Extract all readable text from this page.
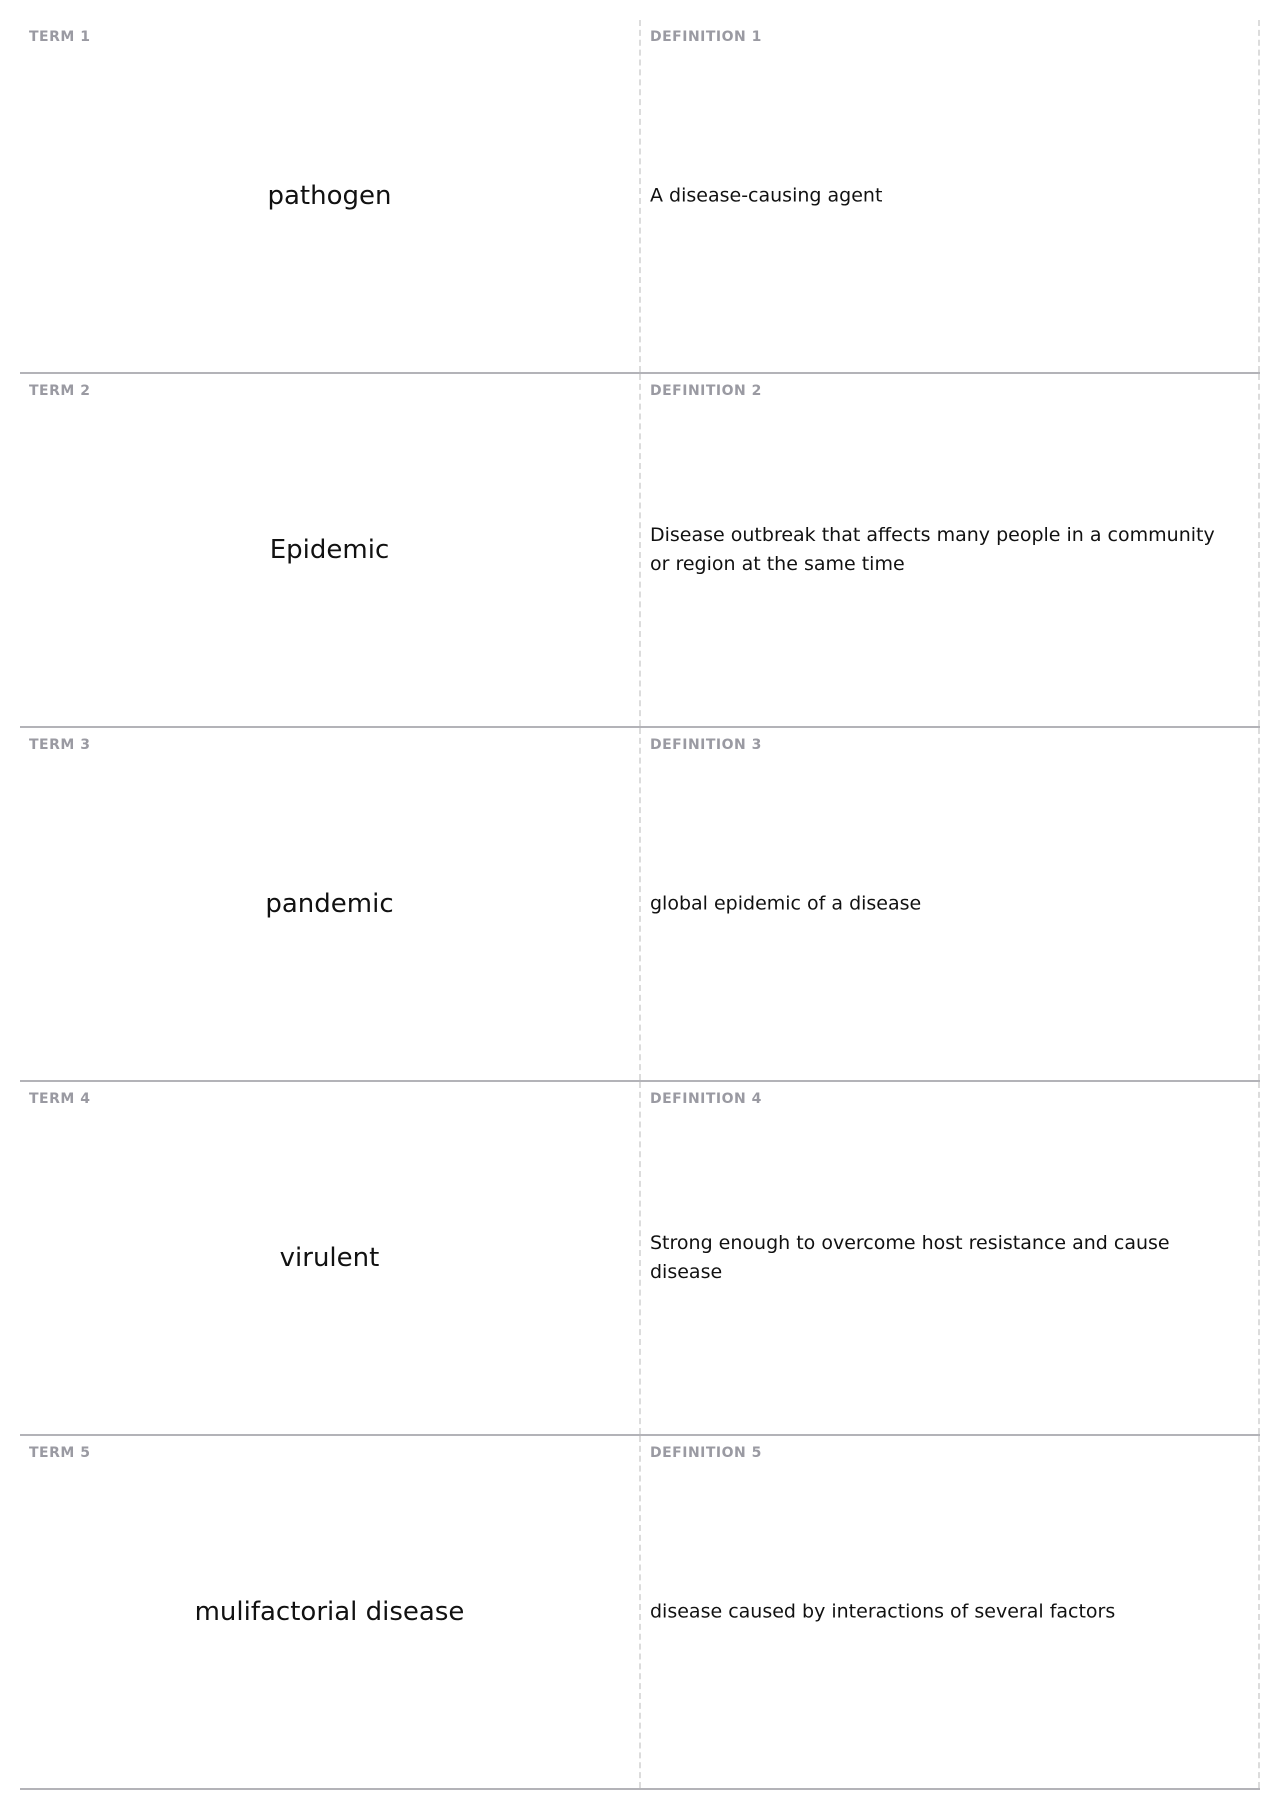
TERM 1
pathogen
DEFINITION 1
A disease-causing agent
TERM 2
Epidemic
DEFINITION 2
Disease outbreak that affects many people in a community or region at the same time
TERM 3
pandemic
DEFINITION 3
global epidemic of a disease
TERM 4
virulent
DEFINITION 4
Strong enough to overcome host resistance and cause disease
TERM 5
mulifactorial disease
DEFINITION 5
disease caused by interactions of several factors
